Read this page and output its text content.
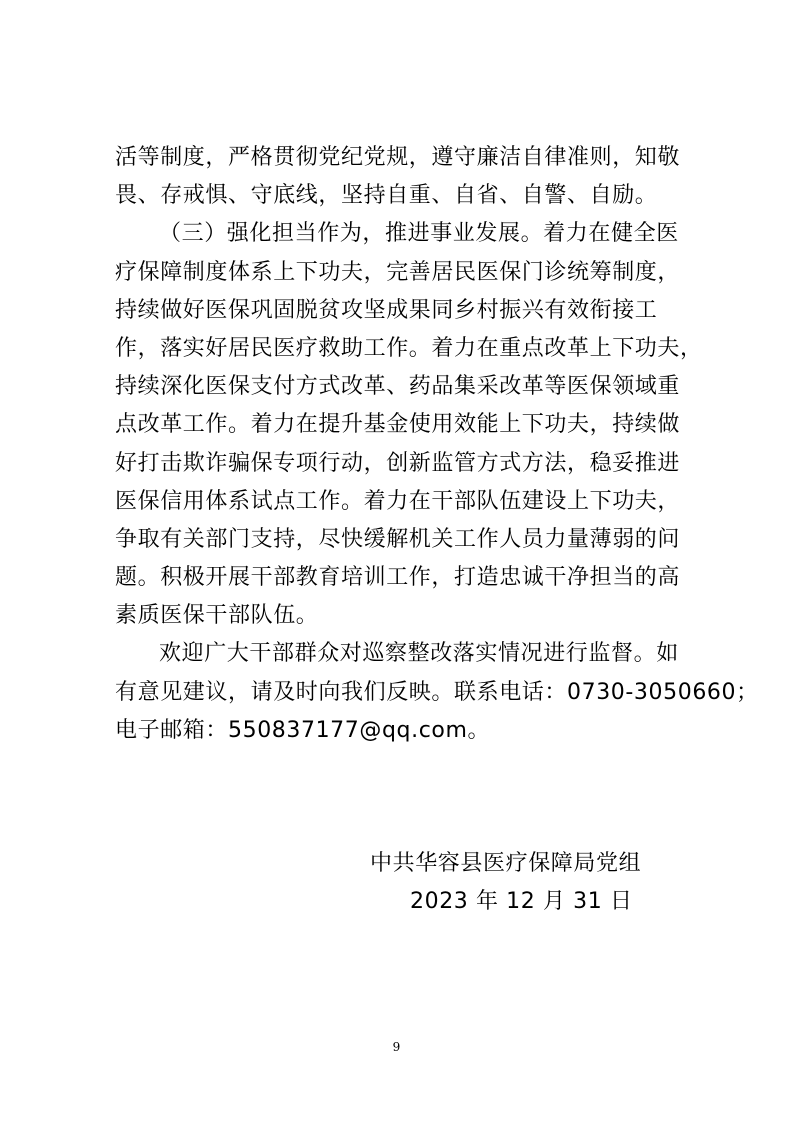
活等制度，严格贯彻党纪党规，遵守廉洁自律准则，知敬
畏、存戒惧、守底线，坚持自重、自省、自警、自励。
（三）强化担当作为，推进事业发展。着力在健全医
疗保障制度体系上下功夫，完善居民医保门诊统筹制度，
持续做好医保巩固脱贫攻坚成果同乡村振兴有效衔接工
作，落实好居民医疗救助工作。着力在重点改革上下功夫，
持续深化医保支付方式改革、药品集采改革等医保领域重
点改革工作。着力在提升基金使用效能上下功夫，持续做
好打击欺诈骗保专项行动，创新监管方式方法，稳妥推进
医保信用体系试点工作。着力在干部队伍建设上下功夫，
争取有关部门支持，尽快缓解机关工作人员力量薄弱的问
题。积极开展干部教育培训工作，打造忠诚干净担当的高
素质医保干部队伍。
欢迎广大干部群众对巡察整改落实情况进行监督。如
有意见建议，请及时向我们反映。联系电话：0730-3050660；
电子邮箱：550837177@qq.com。
中共华容县医疗保障局党组
2023 年 12 月 31 日
9
